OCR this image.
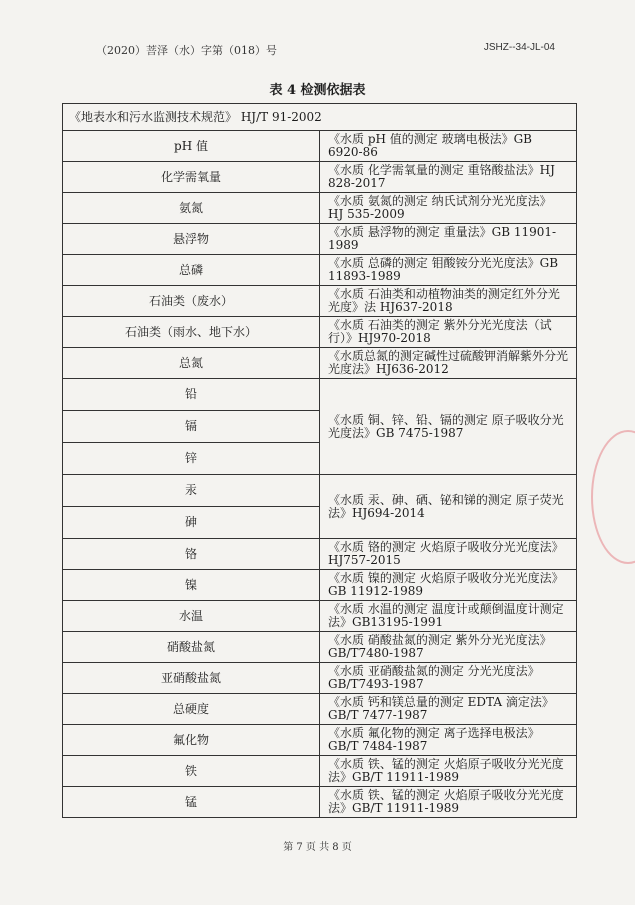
（2020）菩泽（水）字第（018）号	JSHZ--34-JL-04
表 4 检测依据表
《地表水和污水监测技术规范》 HJ/T 91-2002	
pH 值	《水质 pH 值的测定 玻璃电极法》GB 6920-86
化学需氧量	《水质 化学需氧量的测定 重铬酸盐法》HJ 828-2017
氨氮	《水质 氨氮的测定 纳氏试剂分光光度法》 HJ 535-2009
悬浮物	《水质 悬浮物的测定 重量法》GB 11901-1989
总磷	《水质 总磷的测定 钼酸铵分光光度法》GB 11893-1989
石油类（废水）	《水质 石油类和动植物油类的测定红外分光光度》法 HJ637-2018
石油类（雨水、地下水）	《水质 石油类的测定 紫外分光光度法（试行）》HJ970-2018
总氮	《水质总氮的测定碱性过硫酸钾消解紫外分光光度法》HJ636-2012
铅	《水质 铜、锌、铅、镉的测定 原子吸收分光光度法》GB 7475-1987
镉	
锌	
汞	《水质 汞、砷、硒、铋和锑的测定 原子荧光法》HJ694-2014
砷	
铬	《水质 铬的测定 火焰原子吸收分光光度法》HJ757-2015
镍	《水质 镍的测定 火焰原子吸收分光光度法》GB 11912-1989
水温	《水质 水温的测定 温度计或颠倒温度计测定法》GB13195-1991
硝酸盐氮	《水质 硝酸盐氮的测定 紫外分光光度法》GB/T7480-1987
亚硝酸盐氮	《水质 亚硝酸盐氮的测定 分光光度法》GB/T7493-1987
总硬度	《水质 钙和镁总量的测定 EDTA 滴定法》GB/T 7477-1987
氟化物	《水质 氟化物的测定 离子选择电极法》GB/T 7484-1987
铁	《水质 铁、锰的测定 火焰原子吸收分光光度法》GB/T 11911-1989
锰	《水质 铁、锰的测定 火焰原子吸收分光光度法》GB/T 11911-1989
第 7 页 共 8 页
